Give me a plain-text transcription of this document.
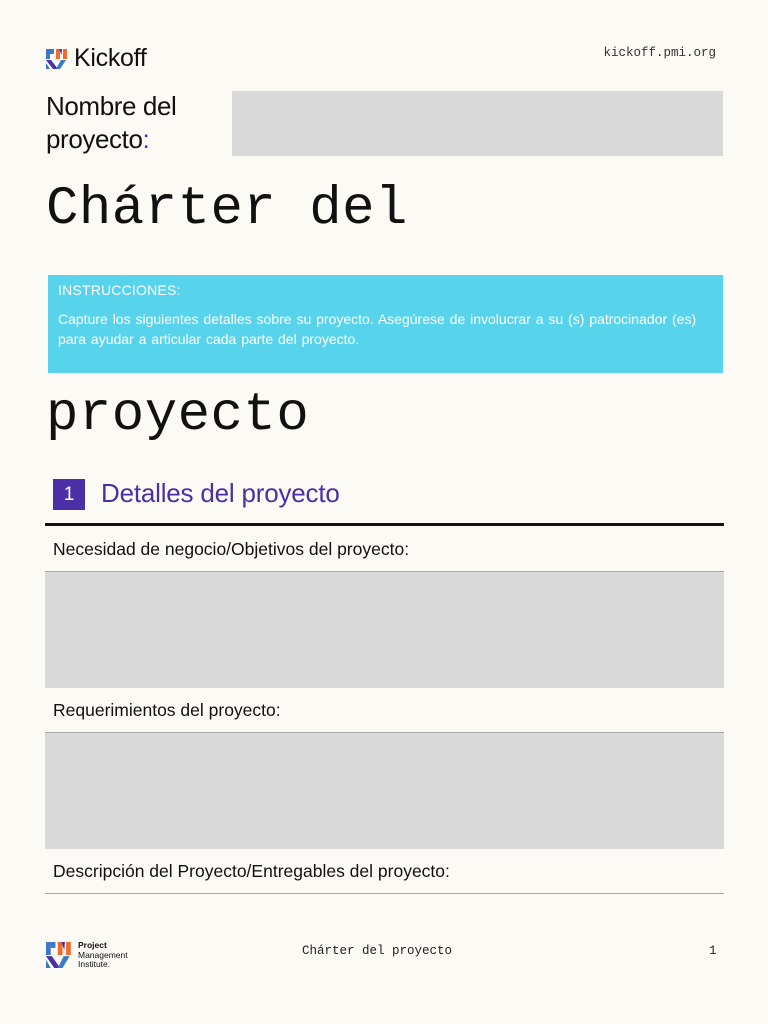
Kickoff	kickoff.pmi.org
Nombre del
proyecto:
Chárter del

INSTRUCCIONES:

Capture los siguientes detalles sobre su proyecto. Asegúrese de involucrar a su (s) patrocinador (es) para ayudar a articular cada parte del proyecto.

proyecto
1	Detalles del proyecto
Necesidad de negocio/Objetivos del proyecto:
Requerimientos del proyecto:
Descripción del Proyecto/Entregables del proyecto:
Project
Management
Institute.
Chárter del proyecto	1
